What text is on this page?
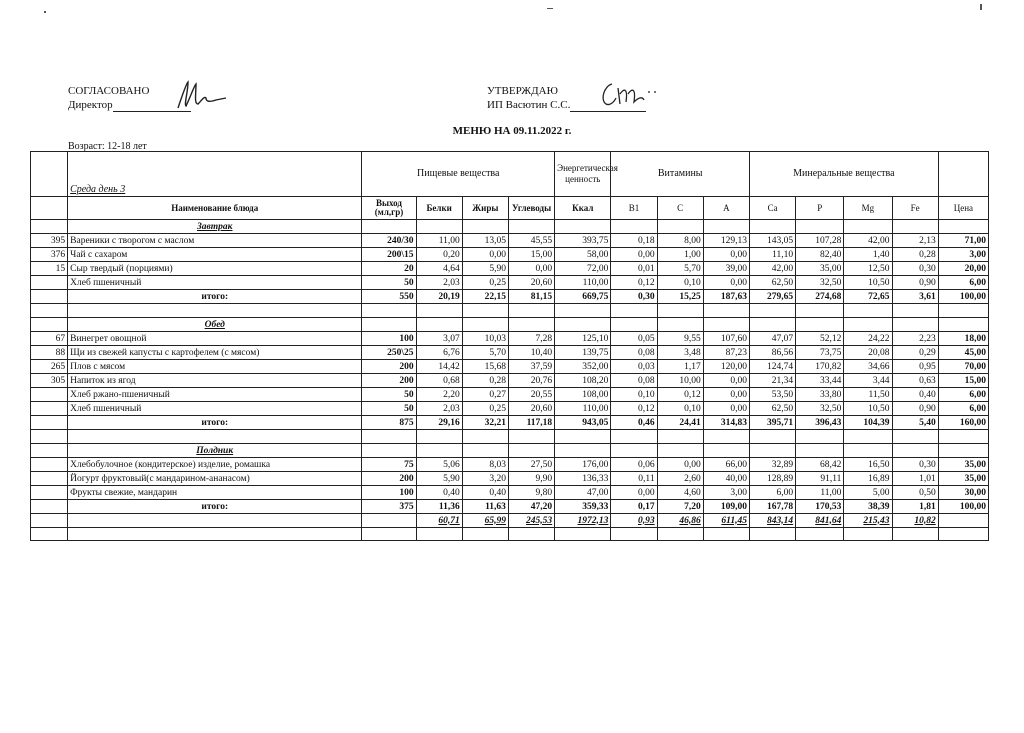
СОГЛАСОВАНО
Директор
УТВЕРЖДАЮ
ИП Васютин С.С.
МЕНЮ НА 09.11.2022 г.
Возраст: 12-18 лет
	Среда день 3	Пищевые вещества				Энергетическая ценность	Витамины			Минеральные вещества				
	Наименование блюда	Выход (мл,гр)	Белки	Жиры	Углеводы	Ккал	B1	C	A	Ca	P	Mg	Fe	Цена
	Завтрак													
395	Вареники с творогом с маслом	240/30	11,00	13,05	45,55	393,75	0,18	8,00	129,13	143,05	107,28	42,00	2,13	71,00
376	Чай с сахаром	200\15	0,20	0,00	15,00	58,00	0,00	1,00	0,00	11,10	82,40	1,40	0,28	3,00
15	Сыр твердый (порциями)	20	4,64	5,90	0,00	72,00	0,01	5,70	39,00	42,00	35,00	12,50	0,30	20,00
	Хлеб пшеничный	50	2,03	0,25	20,60	110,00	0,12	0,10	0,00	62,50	32,50	10,50	0,90	6,00
	итого:	550	20,19	22,15	81,15	669,75	0,30	15,25	187,63	279,65	274,68	72,65	3,61	100,00

	Обед													
67	Винегрет овощной	100	3,07	10,03	7,28	125,10	0,05	9,55	107,60	47,07	52,12	24,22	2,23	18,00
88	Щи из свежей капусты с картофелем (с мясом)	250\25	6,76	5,70	10,40	139,75	0,08	3,48	87,23	86,56	73,75	20,08	0,29	45,00
265	Плов с мясом	200	14,42	15,68	37,59	352,00	0,03	1,17	120,00	124,74	170,82	34,66	0,95	70,00
305	Напиток из ягод	200	0,68	0,28	20,76	108,20	0,08	10,00	0,00	21,34	33,44	3,44	0,63	15,00
	Хлеб ржано-пшеничный	50	2,20	0,27	20,55	108,00	0,10	0,12	0,00	53,50	33,80	11,50	0,40	6,00
	Хлеб пшеничный	50	2,03	0,25	20,60	110,00	0,12	0,10	0,00	62,50	32,50	10,50	0,90	6,00
	итого:	875	29,16	32,21	117,18	943,05	0,46	24,41	314,83	395,71	396,43	104,39	5,40	160,00

	Полдник													
	Хлебобулочное (кондитерское) изделие, ромашка	75	5,06	8,03	27,50	176,00	0,06	0,00	66,00	32,89	68,42	16,50	0,30	35,00
	Йогурт фруктовый(с мандарином-ананасом)	200	5,90	3,20	9,90	136,33	0,11	2,60	40,00	128,89	91,11	16,89	1,01	35,00
	Фрукты свежие, мандарин	100	0,40	0,40	9,80	47,00	0,00	4,60	3,00	6,00	11,00	5,00	0,50	30,00
	итого:	375	11,36	11,63	47,20	359,33	0,17	7,20	109,00	167,78	170,53	38,39	1,81	100,00
			60,71	65,99	245,53	1972,13	0,93	46,86	611,45	843,14	841,64	215,43	10,82	
